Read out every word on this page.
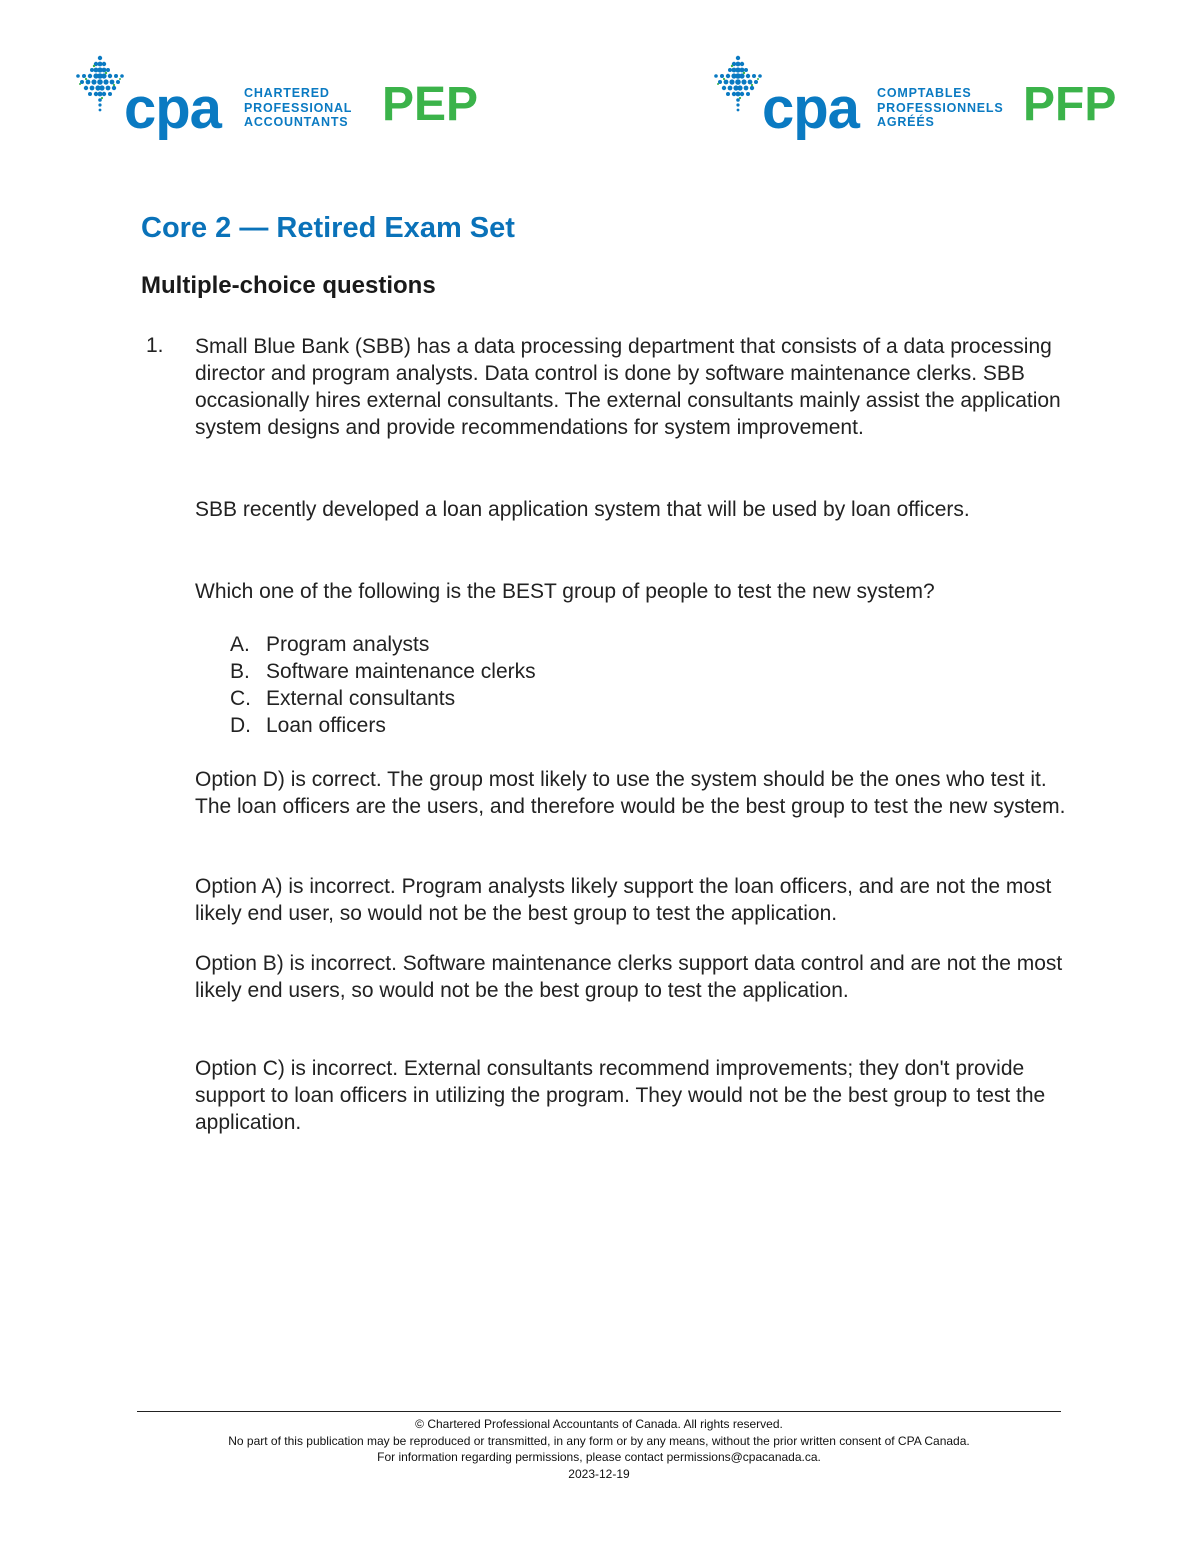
cpa CHARTERED
PROFESSIONAL
ACCOUNTANTS PEP	cpa COMPTABLES
PROFESSIONNELS
AGRÉÉS	PFP
Core 2 — Retired Exam Set
Multiple-choice questions
1. Small Blue Bank (SBB) has a data processing department that consists of a data processing director and program analysts. Data control is done by software maintenance clerks. SBB occasionally hires external consultants. The external consultants mainly assist the application system designs and provide recommendations for system improvement.

SBB recently developed a loan application system that will be used by loan officers.

Which one of the following is the BEST group of people to test the new system?

A. Program analysts
B. Software maintenance clerks
C. External consultants
D. Loan officers

Option D) is correct. The group most likely to use the system should be the ones who test it. The loan officers are the users, and therefore would be the best group to test the new system.

Option A) is incorrect. Program analysts likely support the loan officers, and are not the most likely end user, so would not be the best group to test the application.

Option B) is incorrect. Software maintenance clerks support data control and are not the most likely end users, so would not be the best group to test the application.

Option C) is incorrect. External consultants recommend improvements; they don't provide support to loan officers in utilizing the program. They would not be the best group to test the application.

© Chartered Professional Accountants of Canada. All rights reserved.
No part of this publication may be reproduced or transmitted, in any form or by any means, without the prior written consent of CPA Canada.
For information regarding permissions, please contact permissions@cpacanada.ca.
2023-12-19
